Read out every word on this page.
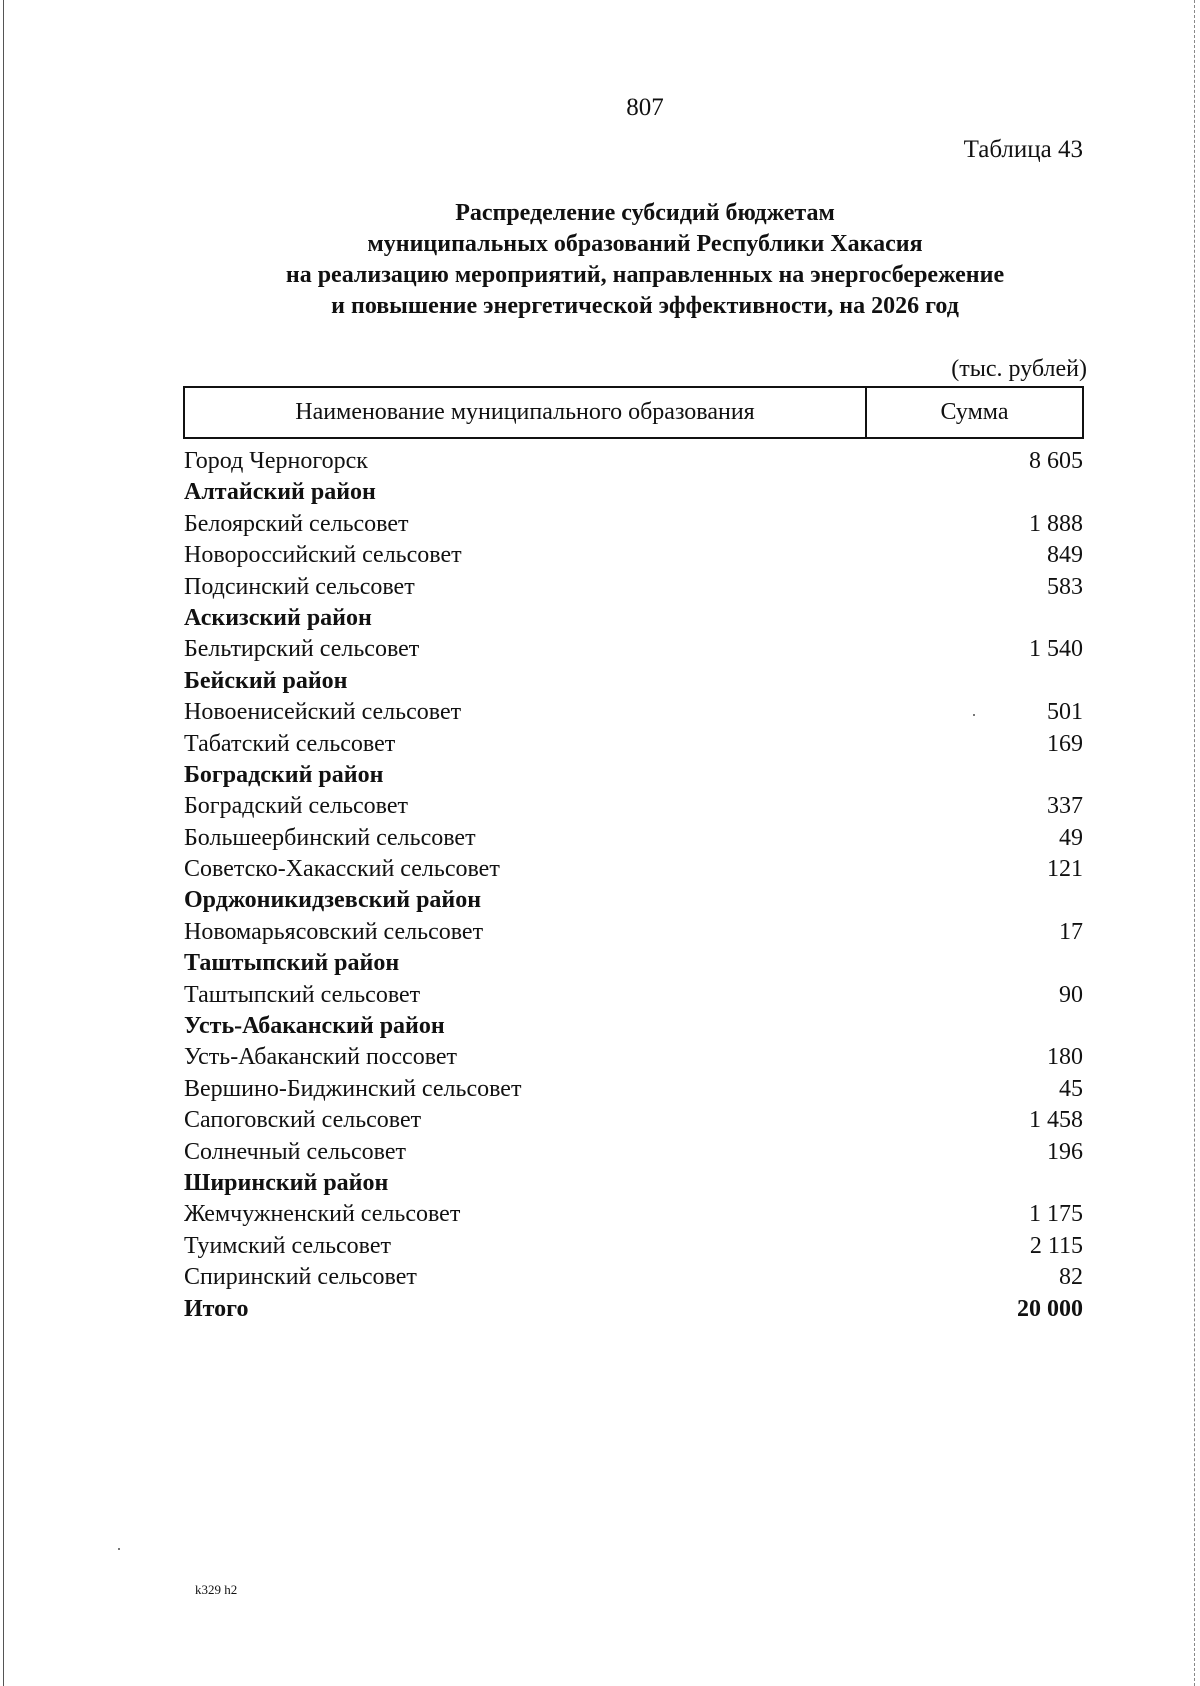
807
Таблица 43
Распределение субсидий бюджетам
муниципальных образований Республики Хакасия
на реализацию мероприятий, направленных на энергосбережение
и повышение энергетической эффективности, на 2026 год
(тыс. рублей)
Наименование муниципального образования	Сумма
Город Черногорск	8 605
Алтайский район
Белоярский сельсовет	1 888
Новороссийский сельсовет	849
Подсинский сельсовет	583
Аскизский район
Бельтирский сельсовет	1 540
Бейский район
Новоенисейский сельсовет	501
Табатский сельсовет	169
Боградский район
Боградский сельсовет	337
Большеербинский сельсовет	49
Советско-Хакасский сельсовет	121
Орджоникидзевский район
Новомарьясовский сельсовет	17
Таштыпский район
Таштыпский сельсовет	90
Усть-Абаканский район
Усть-Абаканский поссовет	180
Вершино-Биджинский сельсовет	45
Сапоговский сельсовет	1 458
Солнечный сельсовет	196
Ширинский район
Жемчужненский сельсовет	1 175
Туимский сельсовет	2 115
Спиринский сельсовет	82
Итого	20 000
k329 h2
